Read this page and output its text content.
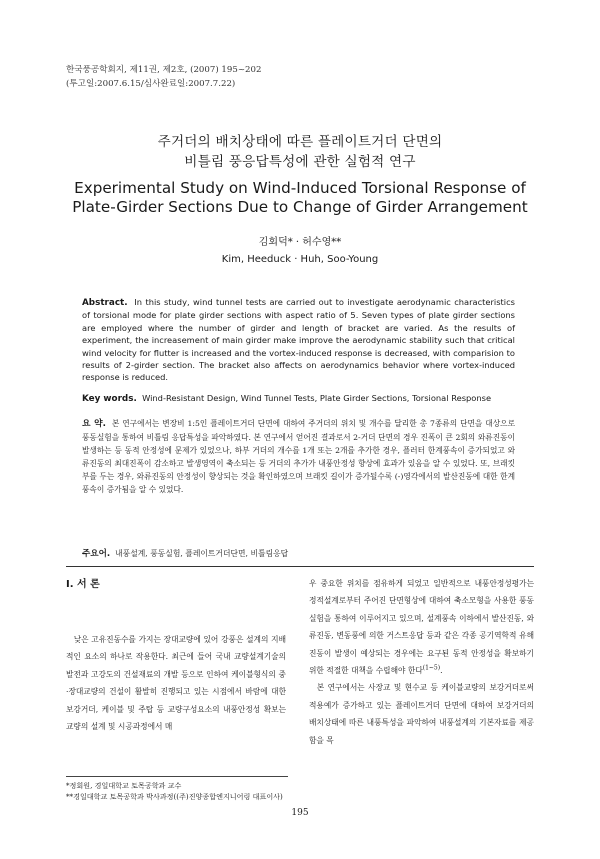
한국풍공학회지, 제11권, 제2호, (2007) 195~202
(투고일:2007.6.15/심사완료일:2007.7.22)
주거더의 배치상태에 따른 플레이트거더 단면의
비틀림 풍응답특성에 관한 실험적 연구
Experimental Study on Wind-Induced Torsional Response of
Plate-Girder Sections Due to Change of Girder Arrangement
김회덕* · 허수영**
Kim, Heeduck · Huh, Soo-Young
Abstract. In this study, wind tunnel tests are carried out to investigate aerodynamic characteristics of torsional mode for plate girder sections with aspect ratio of 5. Seven types of plate girder sections are employed where the number of girder and length of bracket are varied. As the results of experiment, the increasement of main girder make improve the aerodynamic stability such that critical wind velocity for flutter is increased and the vortex-induced response is decreased, with comparision to results of 2-girder section. The bracket also affects on aerodynamics behavior where vortex-induced response is reduced.
Key words. Wind-Resistant Design, Wind Tunnel Tests, Plate Girder Sections, Torsional Response
요 약. 본 연구에서는 변장비 1:5인 플레이트거더 단면에 대하여 주거더의 위치 및 개수를 달리한 총 7종류의 단면을 대상으로 풍동실험을 통하여 비틀림 응답특성을 파악하였다. 본 연구에서 얻어진 결과로서 2-거더 단면의 경우 진폭이 큰 2회의 와류진동이 발생하는 등 동적 안정성에 문제가 있었으나, 하부 거더의 개수를 1개 또는 2개를 추가한 경우, 플러터 한계풍속이 증가되었고 와류진동의 최대진폭이 감소하고 발생영역이 축소되는 등 거더의 추가가 내풍안정성 향상에 효과가 있음을 알 수 있었다. 또, 브래킷부를 두는 경우, 와류진동의 안정성이 향상되는 것을 확인하였으며 브래킷 길이가 증가될수록 (-)영각에서의 발산진동에 대한 한계풍속이 증가됨을 알 수 있었다.
주요어. 내풍설계, 풍동실험, 플레이트거더단면, 비틀림응답
I. 서 론

낮은 고유진동수를 가지는 장대교량에 있어 강풍은 설계의 지배적인 요소의 하나로 작용한다. 최근에 들어 국내 교량설계기술의 발전과 고강도의 건설재료의 개발 등으로 인하여 케이블형식의 중·장대교량의 건설이 활발히 진행되고 있는 시점에서 바람에 대한 보강거더, 케이블 및 주탑 등 교량구성요소의 내풍안정성 확보는 교량의 설계 및 시공과정에서 매

우 중요한 위치를 점유하게 되었고 일반적으로 내풍안정성평가는 정적설계로부터 주어진 단면형상에 대하여 축소모형을 사용한 풍동실험을 통하여 이루어지고 있으며, 설계풍속 이하에서 발산진동, 와류진동, 변동풍에 의한 거스트응답 등과 같은 각종 공기역학적 유해진동이 발생이 예상되는 경우에는 요구된 동적 안정성을 확보하기 위한 적절한 대책을 수립해야 한다$^{(1\sim 5)}$.

본 연구에서는 사장교 및 현수교 등 케이블교량의 보강거더로써 적용예가 증가하고 있는 플레이트거더 단면에 대하여 보강거더의 배치상태에 따른 내풍특성을 파악하여 내풍설계의 기본자료를 제공함을 목

*정회원, 경일대학교 토목공학과 교수
**경일대학교 토목공학과 박사과정((주)진양종합엔지니어링 대표이사)
195
